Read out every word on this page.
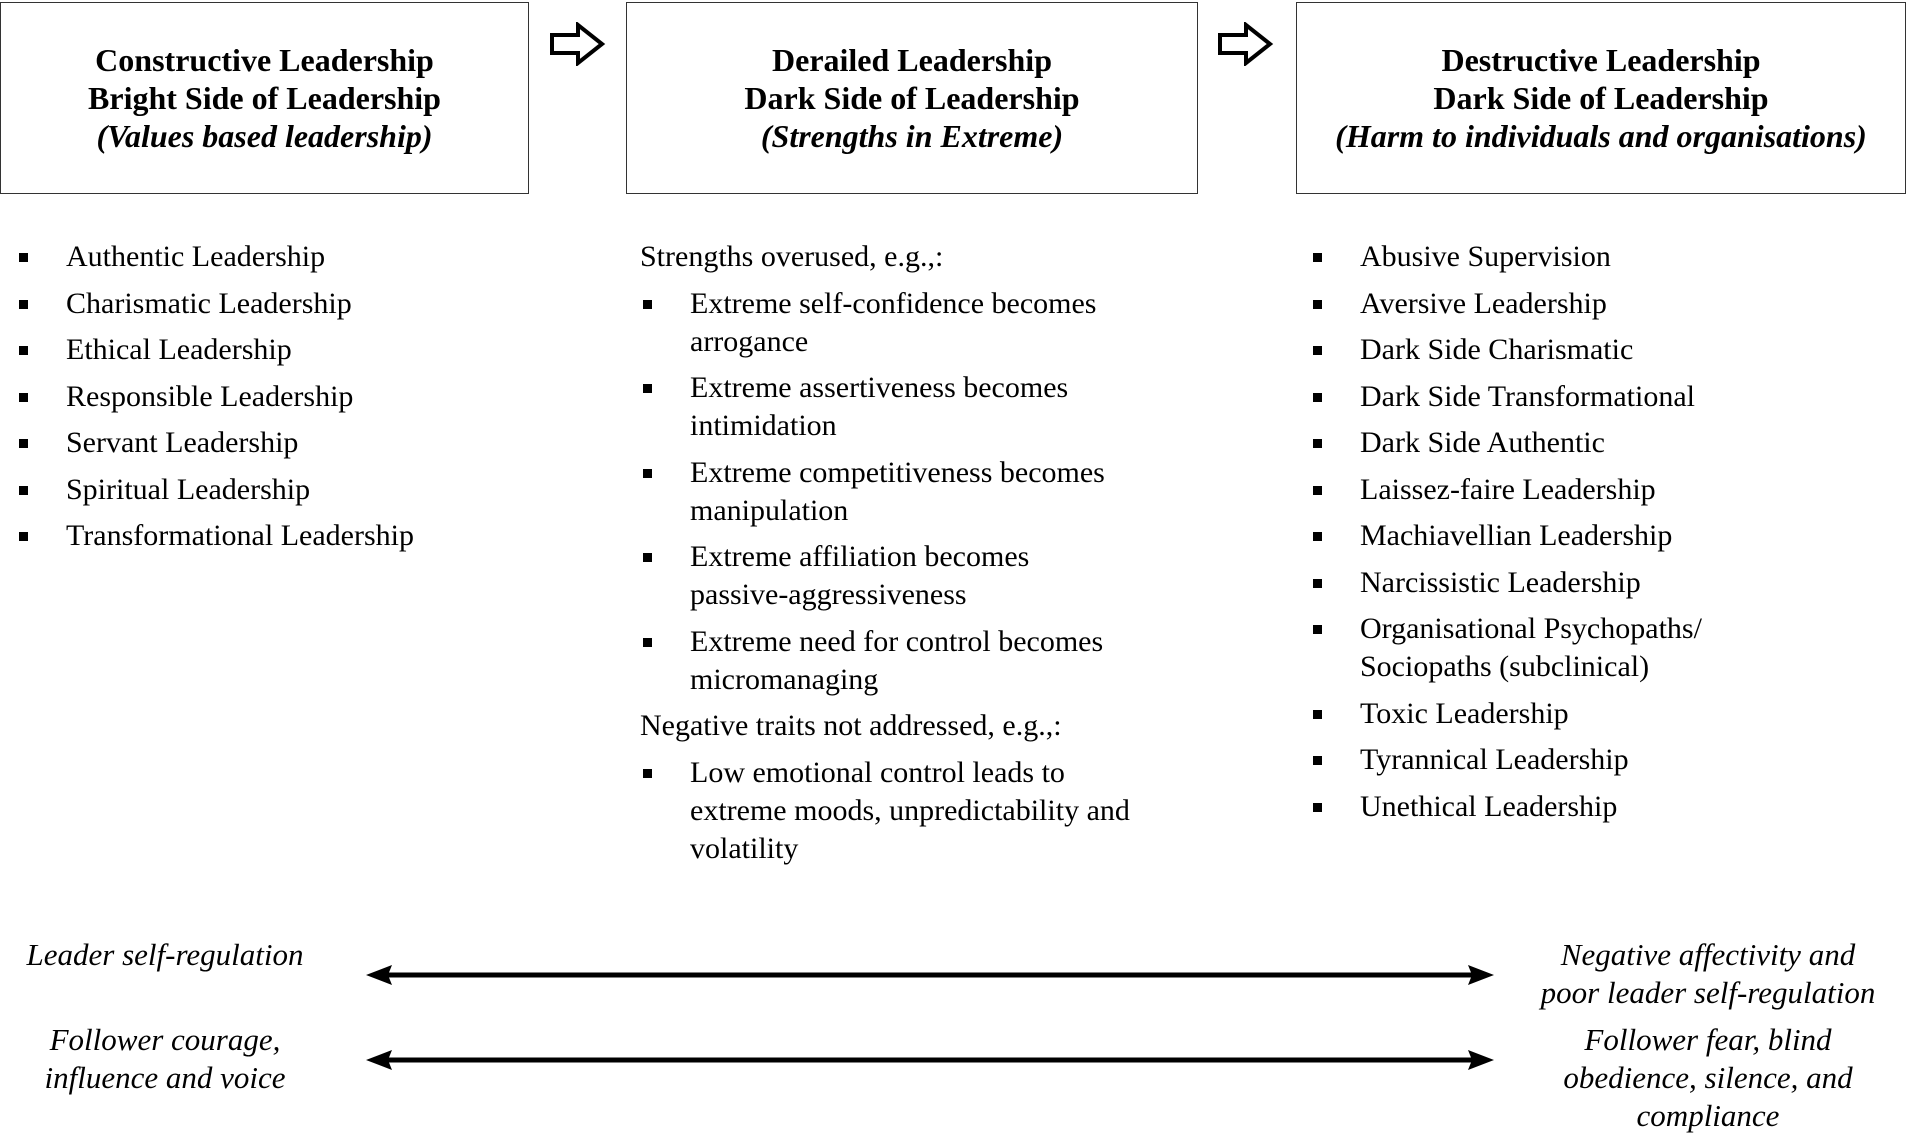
Constructive Leadership
Bright Side of Leadership
(Values based leadership)
Derailed Leadership
Dark Side of Leadership
(Strengths in Extreme)
Destructive Leadership
Dark Side of Leadership
(Harm to individuals and organisations)
Authentic Leadership
Charismatic Leadership
Ethical Leadership
Responsible Leadership
Servant Leadership
Spiritual Leadership
Transformational Leadership
Strengths overused, e.g.,:
Extreme self-confidence becomes
arrogance
Extreme assertiveness becomes
intimidation
Extreme competitiveness becomes
manipulation
Extreme affiliation becomes
passive-aggressiveness
Extreme need for control becomes
micromanaging
Negative traits not addressed, e.g.,:
Low emotional control leads to
extreme moods, unpredictability and
volatility
Abusive Supervision
Aversive Leadership
Dark Side Charismatic
Dark Side Transformational
Dark Side Authentic
Laissez-faire Leadership
Machiavellian Leadership
Narcissistic Leadership
Organisational Psychopaths/
Sociopaths (subclinical)
Toxic Leadership
Tyrannical Leadership
Unethical Leadership
Leader self-regulation	Negative affectivity and
poor leader self-regulation
Follower courage,
influence and voice
Follower fear, blind
obedience, silence, and
compliance
